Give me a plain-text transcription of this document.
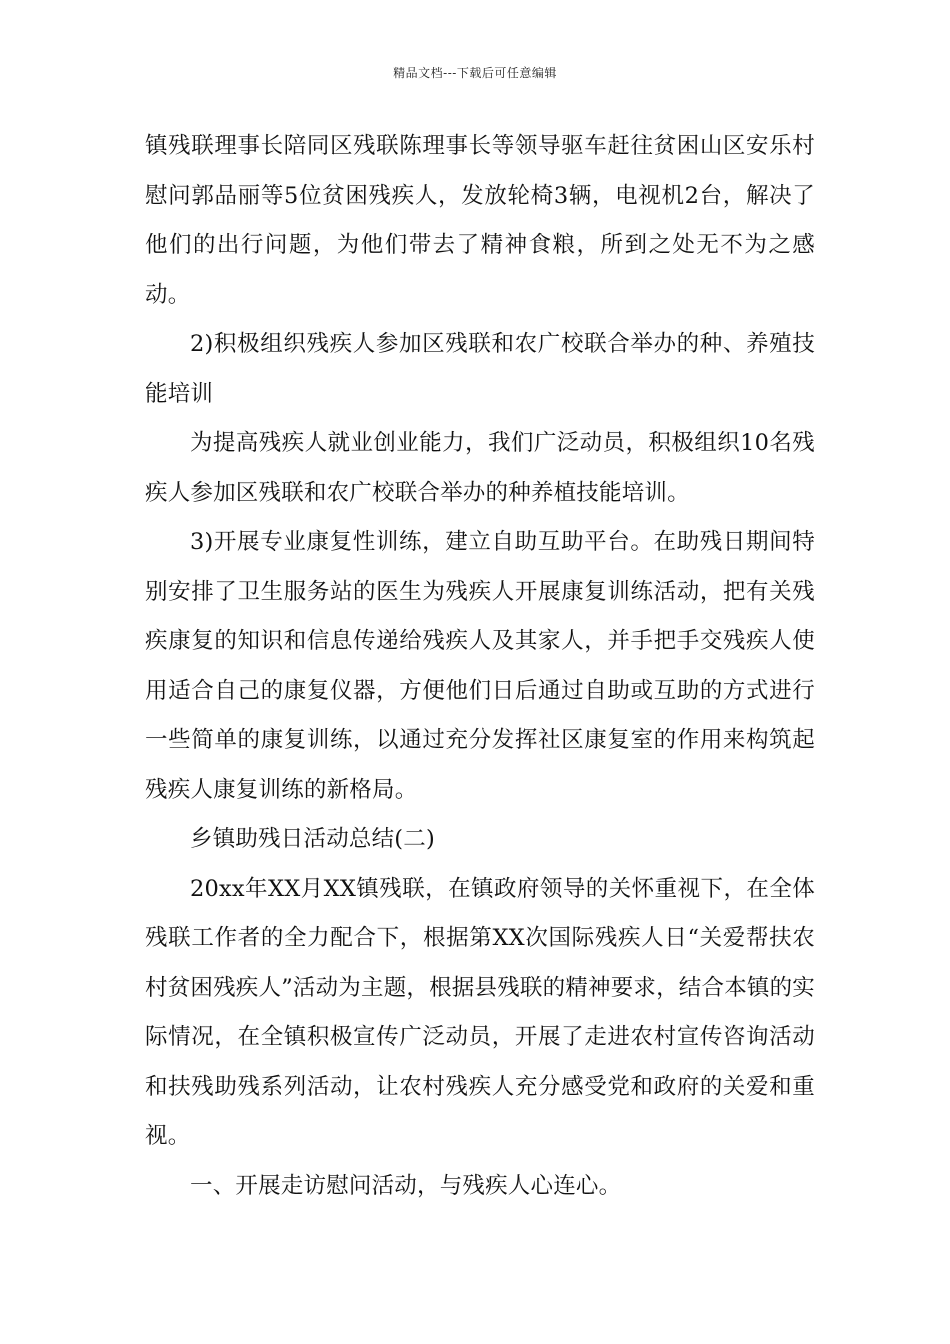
精品文档---下载后可任意编辑

镇残联理事长陪同区残联陈理事长等领导驱车赶往贫困山区安乐村慰问郭品丽等5位贫困残疾人，发放轮椅3辆，电视机2台，解决了他们的出行问题，为他们带去了精神食粮，所到之处无不为之感动。

2)积极组织残疾人参加区残联和农广校联合举办的种、养殖技能培训

为提高残疾人就业创业能力，我们广泛动员，积极组织10名残疾人参加区残联和农广校联合举办的种养植技能培训。

3)开展专业康复性训练，建立自助互助平台。在助残日期间特别安排了卫生服务站的医生为残疾人开展康复训练活动，把有关残疾康复的知识和信息传递给残疾人及其家人，并手把手交残疾人使用适合自己的康复仪器，方便他们日后通过自助或互助的方式进行一些简单的康复训练，以通过充分发挥社区康复室的作用来构筑起残疾人康复训练的新格局。

乡镇助残日活动总结(二)

20xx年XX月XX镇残联，在镇政府领导的关怀重视下，在全体残联工作者的全力配合下，根据第XX次国际残疾人日“关爱帮扶农村贫困残疾人”活动为主题，根据县残联的精神要求，结合本镇的实际情况，在全镇积极宣传广泛动员，开展了走进农村宣传咨询活动和扶残助残系列活动，让农村残疾人充分感受党和政府的关爱和重视。

一、开展走访慰问活动，与残疾人心连心。
